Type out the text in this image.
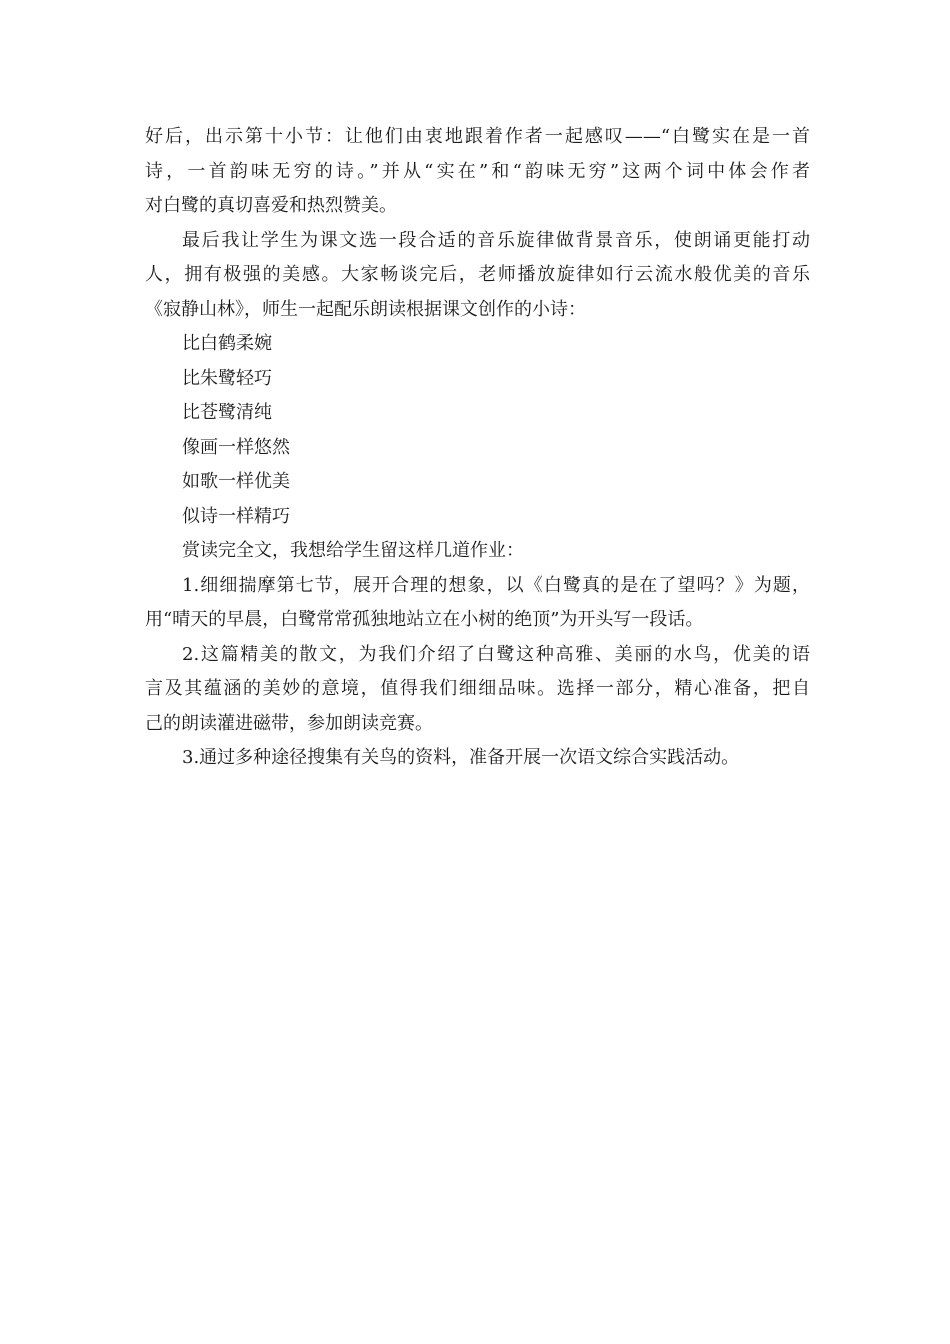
好后，出示第十小节：让他们由衷地跟着作者一起感叹——“白鹭实在是一首
诗，一首韵味无穷的诗。”并从“实在”和“韵味无穷”这两个词中体会作者
对白鹭的真切喜爱和热烈赞美。
最后我让学生为课文选一段合适的音乐旋律做背景音乐，使朗诵更能打动
人，拥有极强的美感。大家畅谈完后，老师播放旋律如行云流水般优美的音乐
《寂静山林》，师生一起配乐朗读根据课文创作的小诗：
比白鹤柔婉
比朱鹭轻巧
比苍鹭清纯
像画一样悠然
如歌一样优美
似诗一样精巧
赏读完全文，我想给学生留这样几道作业：
1.细细揣摩第七节，展开合理的想象，以《白鹭真的是在了望吗？》为题，
用“晴天的早晨，白鹭常常孤独地站立在小树的绝顶”为开头写一段话。
2.这篇精美的散文，为我们介绍了白鹭这种高雅、美丽的水鸟，优美的语
言及其蕴涵的美妙的意境，值得我们细细品味。选择一部分，精心准备，把自
己的朗读灌进磁带，参加朗读竞赛。
3.通过多种途径搜集有关鸟的资料，准备开展一次语文综合实践活动。
